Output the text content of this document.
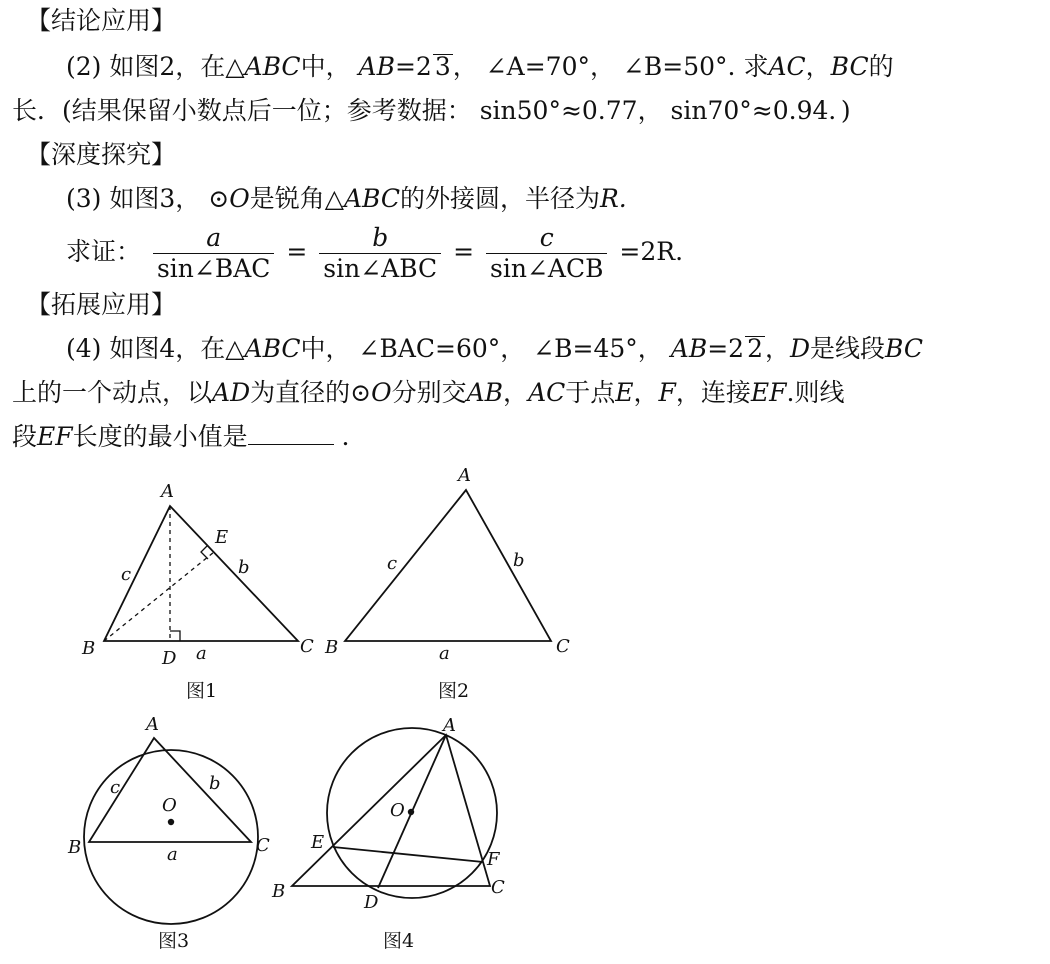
【结论应用】
(2) 如图2，在△ABC中， AB=2 3， ∠A=70°， ∠B=50°. 求AC，BC的
长．(结果保留小数点后一位；参考数据： sin50°≈0.77， sin70°≈0.94．)
【深度探究】
(3) 如图3， ⊙O是锐角△ABC的外接圆，半径为R.
求证： $\frac{a}{\text{sin∠BAC}} = \frac{b}{\text{sin∠ABC}} = \frac{c}{\text{sin∠ACB}} =2R$.
【拓展应用】
(4) 如图4，在△ABC中， ∠BAC=60°， ∠B=45°， AB=2 2，D是线段BC
上的一个动点，以AD为直径的⊙O分别交AB，AC于点E，F，连接EF.则线
段EF长度的最小值是	．
A
B	C
D
E
a
b
c
A
B	C
a
b
c
A
B	C
O
a
b
c
A
B	C
D
E
F
O
图1	图2
图3	图4
